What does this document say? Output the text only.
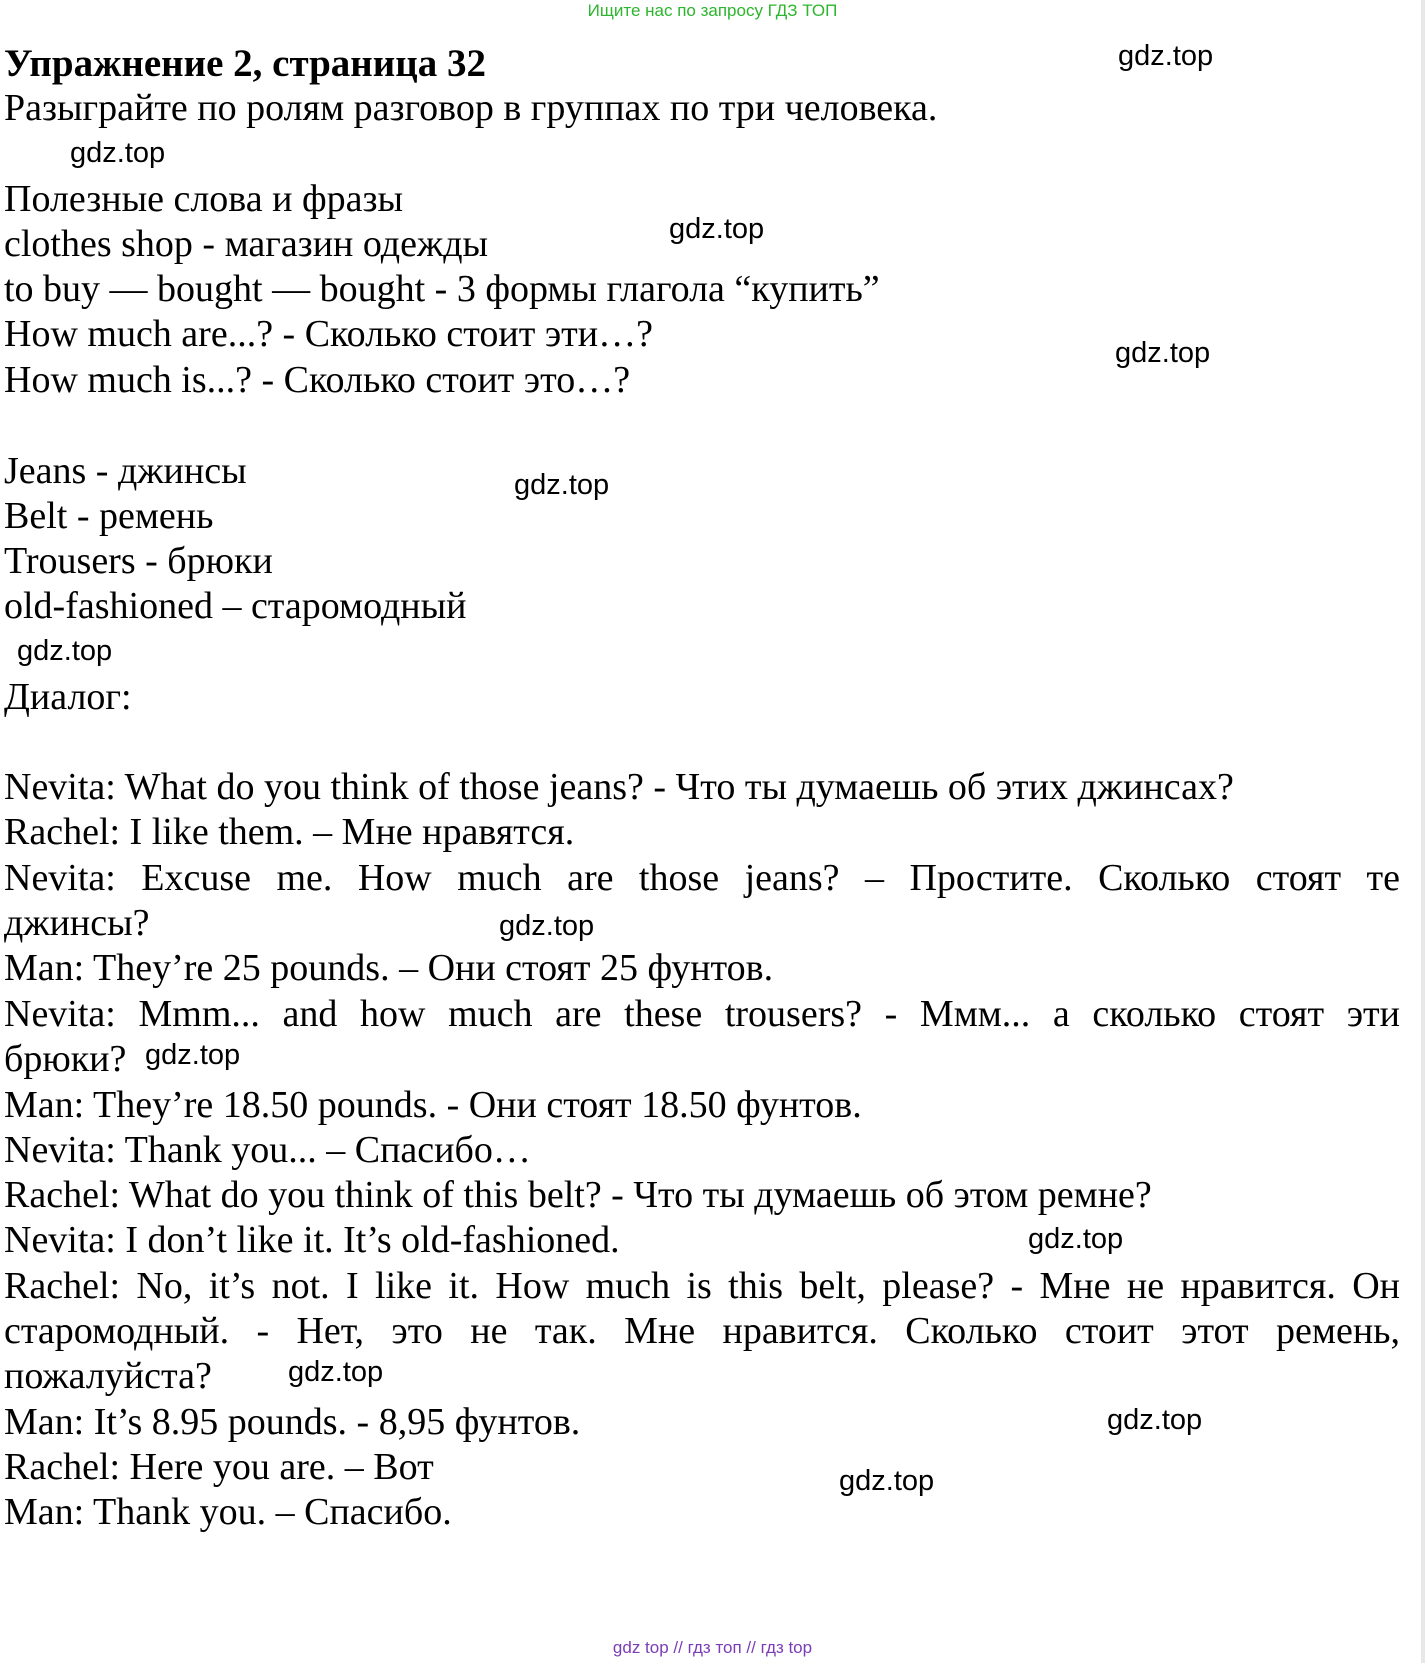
Ищите нас по запросу ГДЗ ТОП
Упражнение 2, страница 32
Разыграйте по ролям разговор в группах по три человека.
Полезные слова и фразы
clothes shop - магазин одежды
to buy — bought — bought - 3 формы глагола “купить”
How much are...? - Сколько стоит эти…?
How much is...? - Сколько стоит это…?
Jeans - джинсы
Belt - ремень
Trousers - брюки
old-fashioned – старомодный
Диалог:
Nevita: What do you think of those jeans? - Что ты думаешь об этих джинсах?
Rachel: I like them. – Мне нравятся.
Nevita: Excuse me. How much are those jeans? – Простите. Сколько стоят те
джинсы?
Man: They’re 25 pounds. – Они стоят 25 фунтов.
Nevita: Mmm... and how much are these trousers? - Ммм... а сколько стоят эти
брюки?
Man: They’re 18.50 pounds. - Они стоят 18.50 фунтов.
Nevita: Thank you... – Спасибо…
Rachel: What do you think of this belt? - Что ты думаешь об этом ремне?
Nevita: I don’t like it. It’s old-fashioned.
Rachel: No, it’s not. I like it. How much is this belt, please? - Мне не нравится. Он
старомодный. - Нет, это не так. Мне нравится. Сколько стоит этот ремень,
пожалуйста?
Man: It’s 8.95 pounds. - 8,95 фунтов.
Rachel: Here you are. – Вот
Man: Thank you. – Спасибо.
gdz.top
gdz.top
gdz.top
gdz.top
gdz.top
gdz.top
gdz.top
gdz.top
gdz.top
gdz.top
gdz.top
gdz.top
gdz top // гдз топ // гдз top
